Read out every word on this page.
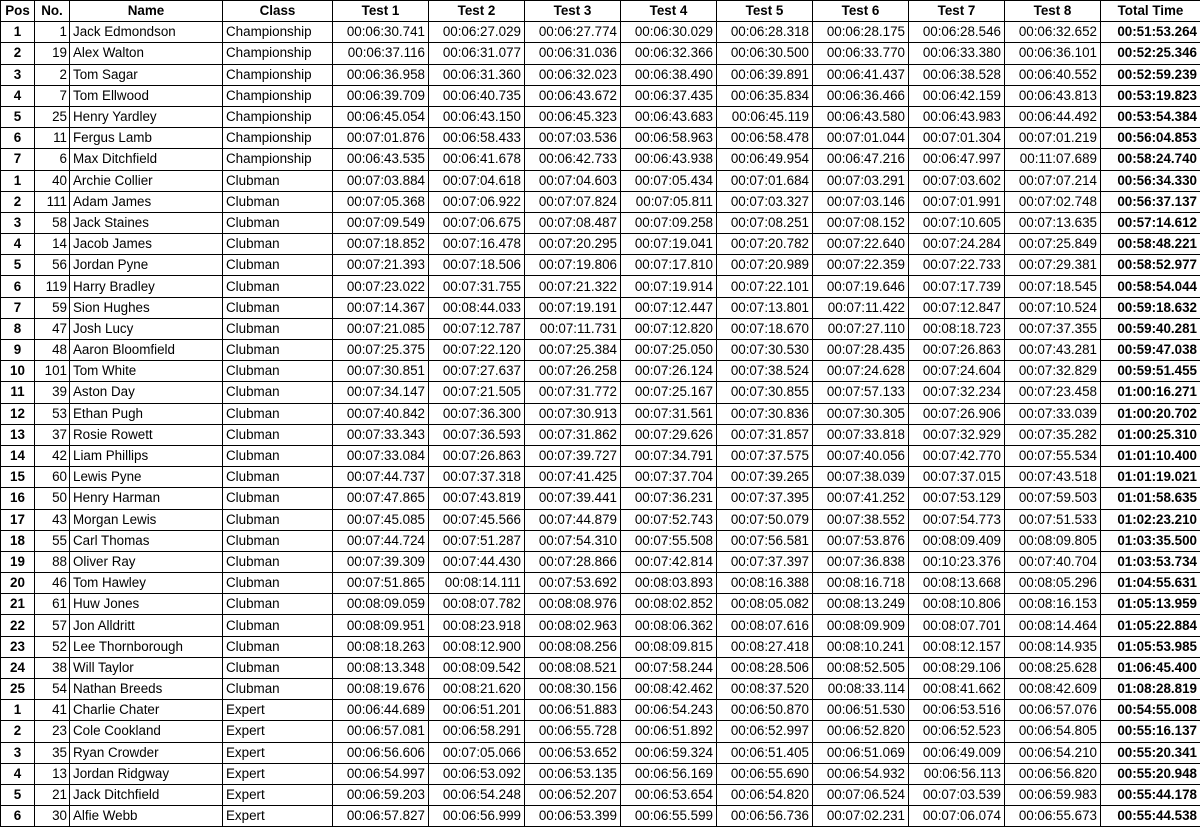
Pos	No.	Name	Class	Test 1	Test 2	Test 3	Test 4	Test 5	Test 6	Test 7	Test 8	Total Time
1	1	Jack Edmondson	Championship	00:06:30.741	00:06:27.029	00:06:27.774	00:06:30.029	00:06:28.318	00:06:28.175	00:06:28.546	00:06:32.652	00:51:53.264
2	19	Alex Walton	Championship	00:06:37.116	00:06:31.077	00:06:31.036	00:06:32.366	00:06:30.500	00:06:33.770	00:06:33.380	00:06:36.101	00:52:25.346
3	2	Tom Sagar	Championship	00:06:36.958	00:06:31.360	00:06:32.023	00:06:38.490	00:06:39.891	00:06:41.437	00:06:38.528	00:06:40.552	00:52:59.239
4	7	Tom Ellwood	Championship	00:06:39.709	00:06:40.735	00:06:43.672	00:06:37.435	00:06:35.834	00:06:36.466	00:06:42.159	00:06:43.813	00:53:19.823
5	25	Henry Yardley	Championship	00:06:45.054	00:06:43.150	00:06:45.323	00:06:43.683	00:06:45.119	00:06:43.580	00:06:43.983	00:06:44.492	00:53:54.384
6	11	Fergus Lamb	Championship	00:07:01.876	00:06:58.433	00:07:03.536	00:06:58.963	00:06:58.478	00:07:01.044	00:07:01.304	00:07:01.219	00:56:04.853
7	6	Max Ditchfield	Championship	00:06:43.535	00:06:41.678	00:06:42.733	00:06:43.938	00:06:49.954	00:06:47.216	00:06:47.997	00:11:07.689	00:58:24.740
1	40	Archie Collier	Clubman	00:07:03.884	00:07:04.618	00:07:04.603	00:07:05.434	00:07:01.684	00:07:03.291	00:07:03.602	00:07:07.214	00:56:34.330
2	111	Adam James	Clubman	00:07:05.368	00:07:06.922	00:07:07.824	00:07:05.811	00:07:03.327	00:07:03.146	00:07:01.991	00:07:02.748	00:56:37.137
3	58	Jack Staines	Clubman	00:07:09.549	00:07:06.675	00:07:08.487	00:07:09.258	00:07:08.251	00:07:08.152	00:07:10.605	00:07:13.635	00:57:14.612
4	14	Jacob James	Clubman	00:07:18.852	00:07:16.478	00:07:20.295	00:07:19.041	00:07:20.782	00:07:22.640	00:07:24.284	00:07:25.849	00:58:48.221
5	56	Jordan Pyne	Clubman	00:07:21.393	00:07:18.506	00:07:19.806	00:07:17.810	00:07:20.989	00:07:22.359	00:07:22.733	00:07:29.381	00:58:52.977
6	119	Harry Bradley	Clubman	00:07:23.022	00:07:31.755	00:07:21.322	00:07:19.914	00:07:22.101	00:07:19.646	00:07:17.739	00:07:18.545	00:58:54.044
7	59	Sion Hughes	Clubman	00:07:14.367	00:08:44.033	00:07:19.191	00:07:12.447	00:07:13.801	00:07:11.422	00:07:12.847	00:07:10.524	00:59:18.632
8	47	Josh Lucy	Clubman	00:07:21.085	00:07:12.787	00:07:11.731	00:07:12.820	00:07:18.670	00:07:27.110	00:08:18.723	00:07:37.355	00:59:40.281
9	48	Aaron Bloomfield	Clubman	00:07:25.375	00:07:22.120	00:07:25.384	00:07:25.050	00:07:30.530	00:07:28.435	00:07:26.863	00:07:43.281	00:59:47.038
10	101	Tom White	Clubman	00:07:30.851	00:07:27.637	00:07:26.258	00:07:26.124	00:07:38.524	00:07:24.628	00:07:24.604	00:07:32.829	00:59:51.455
11	39	Aston Day	Clubman	00:07:34.147	00:07:21.505	00:07:31.772	00:07:25.167	00:07:30.855	00:07:57.133	00:07:32.234	00:07:23.458	01:00:16.271
12	53	Ethan Pugh	Clubman	00:07:40.842	00:07:36.300	00:07:30.913	00:07:31.561	00:07:30.836	00:07:30.305	00:07:26.906	00:07:33.039	01:00:20.702
13	37	Rosie Rowett	Clubman	00:07:33.343	00:07:36.593	00:07:31.862	00:07:29.626	00:07:31.857	00:07:33.818	00:07:32.929	00:07:35.282	01:00:25.310
14	42	Liam Phillips	Clubman	00:07:33.084	00:07:26.863	00:07:39.727	00:07:34.791	00:07:37.575	00:07:40.056	00:07:42.770	00:07:55.534	01:01:10.400
15	60	Lewis Pyne	Clubman	00:07:44.737	00:07:37.318	00:07:41.425	00:07:37.704	00:07:39.265	00:07:38.039	00:07:37.015	00:07:43.518	01:01:19.021
16	50	Henry Harman	Clubman	00:07:47.865	00:07:43.819	00:07:39.441	00:07:36.231	00:07:37.395	00:07:41.252	00:07:53.129	00:07:59.503	01:01:58.635
17	43	Morgan Lewis	Clubman	00:07:45.085	00:07:45.566	00:07:44.879	00:07:52.743	00:07:50.079	00:07:38.552	00:07:54.773	00:07:51.533	01:02:23.210
18	55	Carl Thomas	Clubman	00:07:44.724	00:07:51.287	00:07:54.310	00:07:55.508	00:07:56.581	00:07:53.876	00:08:09.409	00:08:09.805	01:03:35.500
19	88	Oliver Ray	Clubman	00:07:39.309	00:07:44.430	00:07:28.866	00:07:42.814	00:07:37.397	00:07:36.838	00:10:23.376	00:07:40.704	01:03:53.734
20	46	Tom Hawley	Clubman	00:07:51.865	00:08:14.111	00:07:53.692	00:08:03.893	00:08:16.388	00:08:16.718	00:08:13.668	00:08:05.296	01:04:55.631
21	61	Huw Jones	Clubman	00:08:09.059	00:08:07.782	00:08:08.976	00:08:02.852	00:08:05.082	00:08:13.249	00:08:10.806	00:08:16.153	01:05:13.959
22	57	Jon Alldritt	Clubman	00:08:09.951	00:08:23.918	00:08:02.963	00:08:06.362	00:08:07.616	00:08:09.909	00:08:07.701	00:08:14.464	01:05:22.884
23	52	Lee Thornborough	Clubman	00:08:18.263	00:08:12.900	00:08:08.256	00:08:09.815	00:08:27.418	00:08:10.241	00:08:12.157	00:08:14.935	01:05:53.985
24	38	Will Taylor	Clubman	00:08:13.348	00:08:09.542	00:08:08.521	00:07:58.244	00:08:28.506	00:08:52.505	00:08:29.106	00:08:25.628	01:06:45.400
25	54	Nathan Breeds	Clubman	00:08:19.676	00:08:21.620	00:08:30.156	00:08:42.462	00:08:37.520	00:08:33.114	00:08:41.662	00:08:42.609	01:08:28.819
1	41	Charlie Chater	Expert	00:06:44.689	00:06:51.201	00:06:51.883	00:06:54.243	00:06:50.870	00:06:51.530	00:06:53.516	00:06:57.076	00:54:55.008
2	23	Cole Cookland	Expert	00:06:57.081	00:06:58.291	00:06:55.728	00:06:51.892	00:06:52.997	00:06:52.820	00:06:52.523	00:06:54.805	00:55:16.137
3	35	Ryan Crowder	Expert	00:06:56.606	00:07:05.066	00:06:53.652	00:06:59.324	00:06:51.405	00:06:51.069	00:06:49.009	00:06:54.210	00:55:20.341
4	13	Jordan Ridgway	Expert	00:06:54.997	00:06:53.092	00:06:53.135	00:06:56.169	00:06:55.690	00:06:54.932	00:06:56.113	00:06:56.820	00:55:20.948
5	21	Jack Ditchfield	Expert	00:06:59.203	00:06:54.248	00:06:52.207	00:06:53.654	00:06:54.820	00:07:06.524	00:07:03.539	00:06:59.983	00:55:44.178
6	30	Alfie Webb	Expert	00:06:57.827	00:06:56.999	00:06:53.399	00:06:55.599	00:06:56.736	00:07:02.231	00:07:06.074	00:06:55.673	00:55:44.538
